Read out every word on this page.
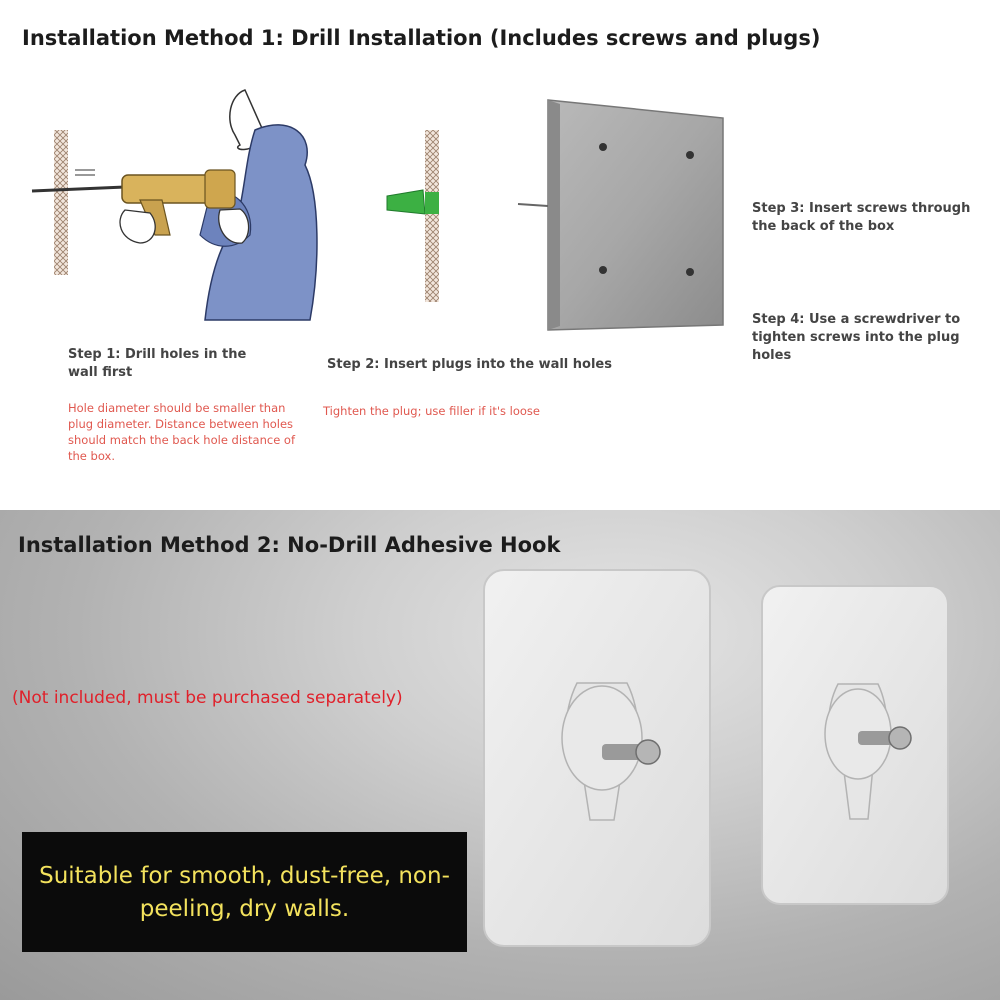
Installation Method 1: Drill Installation (Includes screws and plugs)
Step 1: Drill holes in the wall first
Hole diameter should be smaller than plug diameter. Distance between holes should match the back hole distance of the box.
Step 2: Insert plugs into the wall holes
Tighten the plug; use filler if it's loose
Step 3: Insert screws through the back of the box
Step 4: Use a screwdriver to tighten screws into the plug holes
Installation Method 2: No-Drill Adhesive Hook
(Not included, must be purchased separately)
Suitable for smooth, dust-free, non-peeling, dry walls.
